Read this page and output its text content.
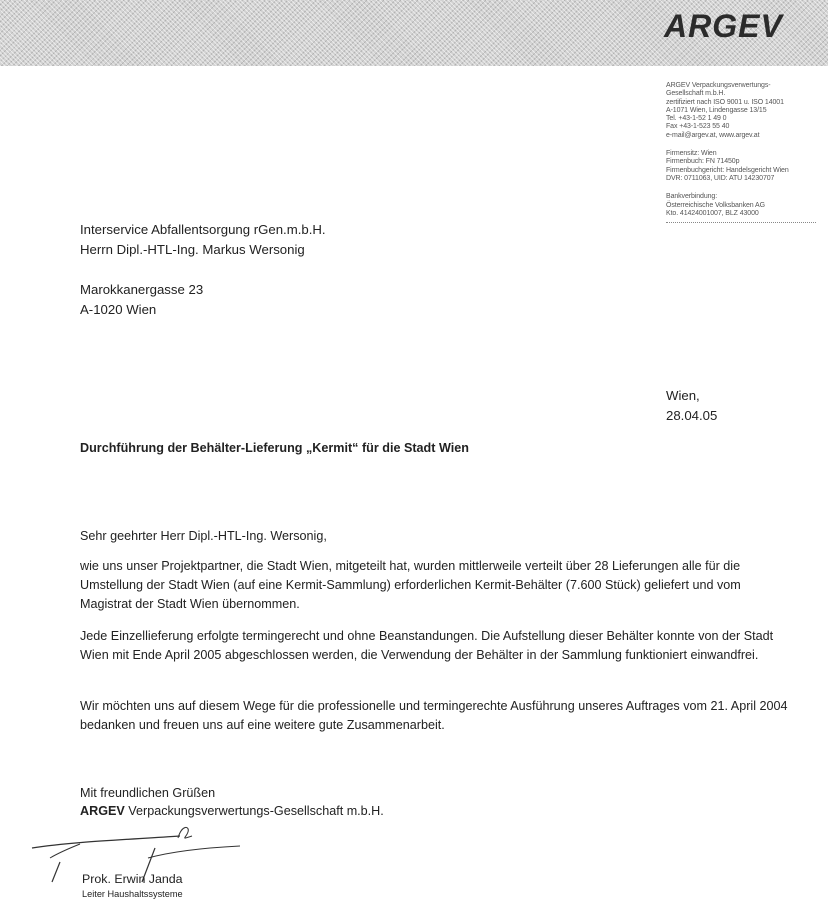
ARGEV
ARGEV Verpackungsverwertungs-
Gesellschaft m.b.H.
zertifiziert nach ISO 9001 u. ISO 14001
A-1071 Wien, Lindengasse 13/15
Tel. +43-1-52 1 49 0
Fax +43-1-523 55 40
e-mail@argev.at, www.argev.at
Firmensitz: Wien
Firmenbuch: FN 71450p
Firmenbuchgericht: Handelsgericht Wien
DVR: 0711063, UID: ATU 14230707
Bankverbindung:
Österreichische Volksbanken AG
Kto. 41424001007, BLZ 43000
Interservice Abfallentsorgung rGen.m.b.H.
Herrn Dipl.-HTL-Ing. Markus Wersonig
Marokkanergasse 23
A-1020 Wien
Wien,
28.04.05
Durchführung der Behälter-Lieferung „Kermit“ für die Stadt Wien
Sehr geehrter Herr Dipl.-HTL-Ing. Wersonig,
wie uns unser Projektpartner, die Stadt Wien, mitgeteilt hat, wurden mittlerweile verteilt über 28 Lieferungen alle für die Umstellung der Stadt Wien (auf eine Kermit-Sammlung) erforderlichen Kermit-Behälter (7.600 Stück) geliefert und vom Magistrat der Stadt Wien übernommen.
Jede Einzellieferung erfolgte termingerecht und ohne Beanstandungen. Die Aufstellung dieser Behälter konnte von der Stadt Wien mit Ende April 2005 abgeschlossen werden, die Verwendung der Behälter in der Sammlung funktioniert einwandfrei.
Wir möchten uns auf diesem Wege für die professionelle und termingerechte Ausführung unseres Auftrages vom 21. April 2004 bedanken und freuen uns auf eine weitere gute Zusammenarbeit.
Mit freundlichen Grüßen
ARGEV Verpackungsverwertungs-Gesellschaft m.b.H.
Prok. Erwin Janda
Leiter Haushaltssysteme
